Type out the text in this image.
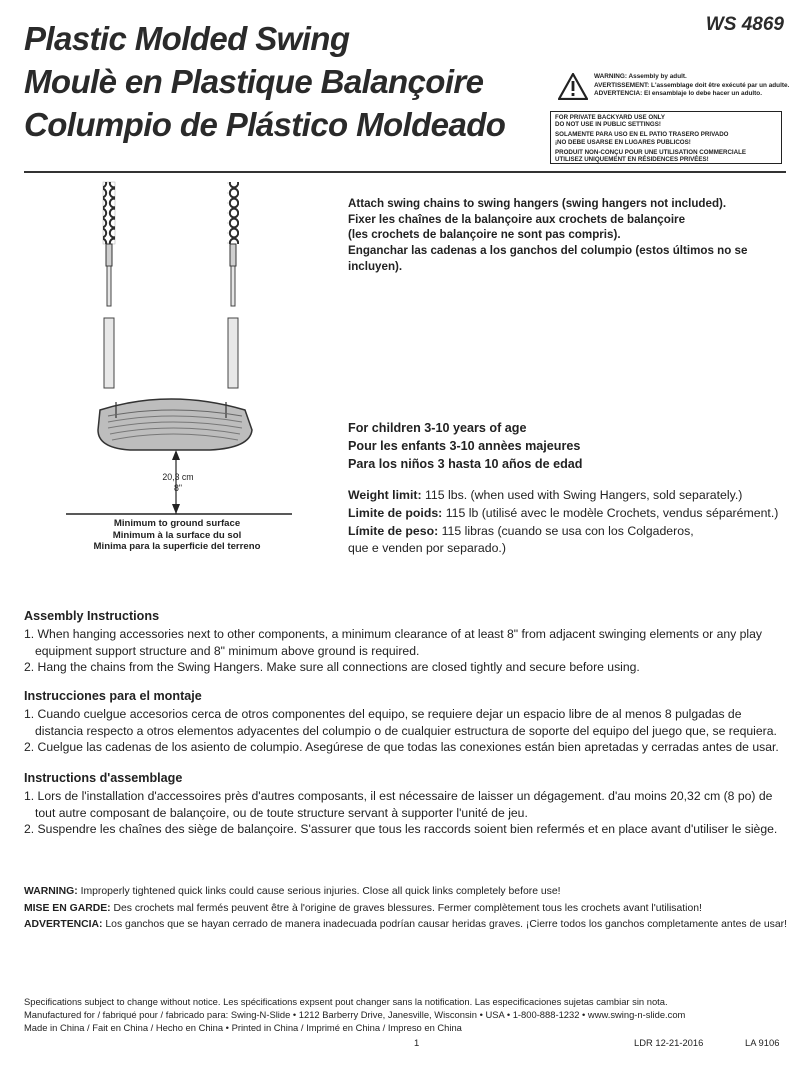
Plastic Molded Swing
Moulè en Plastique Balançoire
Columpio de Plástico Moldeado
WS 4869
WARNING: Assembly by adult.
AVERTISSEMENT: L'assemblage doit être exécuté par un adulte.
ADVERTENCIA: El ensamblaje lo debe hacer un adulto.
FOR PRIVATE BACKYARD USE ONLY
DO NOT USE IN PUBLIC SETTINGS!
SOLAMENTE PARA USO EN EL PATIO TRASERO PRIVADO
¡NO DEBE USARSE EN LUGARES PUBLICOS!
PRODUIT NON-CONÇU POUR UNE UTILISATION COMMERCIALE
UTILISEZ UNIQUEMENT EN RÉSIDENCES PRIVÉES!
20,3 cm
8"
Minimum to ground surface
Minimum à la surface du sol
Minima para la superficie del terreno
Attach swing chains to swing hangers (swing hangers not included).
Fixer les chaînes de la balançoire aux crochets de balançoire
(les crochets de balançoire ne sont pas compris).
Enganchar las cadenas a los ganchos del columpio (estos últimos no se incluyen).
For children 3-10 years of age
Pour les enfants 3-10 annèes majeures
Para los niños 3 hasta 10 años de edad
Weight limit: 115 lbs. (when used with Swing Hangers, sold separately.)
Limite de poids: 115 lb (utilisé avec le modèle Crochets, vendus séparément.)
Límite de peso: 115 libras (cuando se usa con los Colgaderos,
que e venden por separado.)
Assembly Instructions
1. When hanging accessories next to other components, a minimum clearance of at least 8" from adjacent swinging elements or any play equipment support structure and 8" minimum above ground is required.
2. Hang the chains from the Swing Hangers. Make sure all connections are closed tightly and secure before using.
Instrucciones para el montaje
1. Cuando cuelgue accesorios cerca de otros componentes del equipo, se requiere dejar un espacio libre de al menos 8 pulgadas de distancia respecto a otros elementos adyacentes del columpio o de cualquier estructura de soporte del equipo del juego que, se requiera.
2. Cuelgue las cadenas de los asiento de columpio. Asegúrese de que todas las conexiones están bien apretadas y cerradas antes de usar.
Instructions d'assemblage
1. Lors de l'installation d'accessoires près d'autres composants, il est nécessaire de laisser un dégagement. d'au moins 20,32 cm (8 po) de tout autre composant de balançoire, ou de toute structure servant à supporter l'unité de jeu.
2. Suspendre les chaînes des siège de balançoire. S'assurer que tous les raccords soient bien refermés et en place avant d'utiliser le siège.
WARNING: Improperly tightened quick links could cause serious injuries. Close all quick links completely before use!
MISE EN GARDE: Des crochets mal fermés peuvent être à l'origine de graves blessures. Fermer complètement tous les crochets avant l'utilisation!
ADVERTENCIA: Los ganchos que se hayan cerrado de manera inadecuada podrían causar heridas graves. ¡Cierre todos los ganchos completamente antes de usar!
Specifications subject to change without notice. Les spécifications expsent pout changer sans la notification. Las especificaciones sujetas cambiar sin nota.
Manufactured for / fabriqué pour / fabricado para: Swing-N-Slide • 1212 Barberry Drive, Janesville, Wisconsin • USA • 1-800-888-1232 • www.swing-n-slide.com
Made in China / Fait en China / Hecho en China • Printed in China / Imprimé en China / Impreso en China
1	LDR 12-21-2016	LA 9106
